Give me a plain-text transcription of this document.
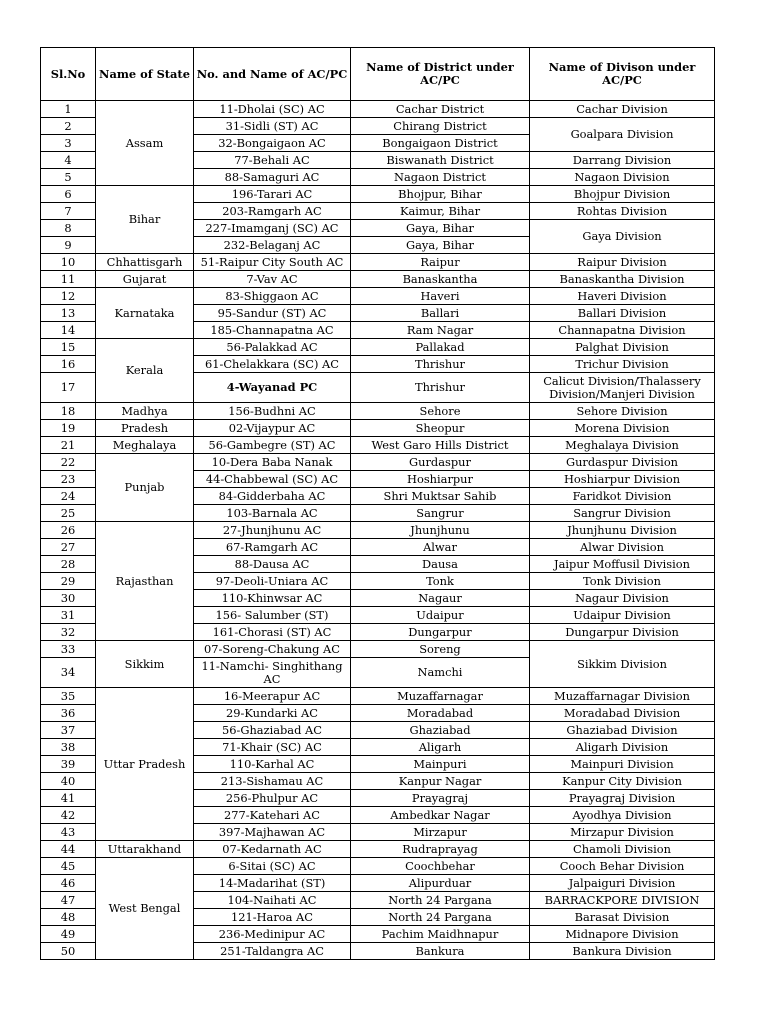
Sl.No	Name of State	No. and Name of AC/PC	Name of District under AC/PC	Name of Divison under AC/PC
1	Assam	11-Dholai (SC) AC	Cachar District	Cachar Division
2		31-Sidli (ST) AC	Chirang District	Goalpara Division
3		32-Bongaigaon AC	Bongaigaon District	
4		77-Behali AC	Biswanath District	Darrang Division
5		88-Samaguri AC	Nagaon District	Nagaon Division
6	Bihar	196-Tarari AC	Bhojpur, Bihar	Bhojpur Division
7		203-Ramgarh AC	Kaimur, Bihar	Rohtas Division
8		227-Imamganj (SC) AC	Gaya, Bihar	Gaya Division
9		232-Belaganj AC	Gaya, Bihar	
10	Chhattisgarh	51-Raipur City South AC	Raipur	Raipur Division
11	Gujarat	7-Vav AC	Banaskantha	Banaskantha Division
12	Karnataka	83-Shiggaon AC	Haveri	Haveri Division
13		95-Sandur (ST) AC	Ballari	Ballari Division
14		185-Channapatna AC	Ram Nagar	Channapatna Division
15	Kerala	56-Palakkad AC	Pallakad	Palghat Division
16		61-Chelakkara (SC) AC	Thrishur	Trichur Division
17		4-Wayanad PC	Thrishur	Calicut Division/Thalassery
Division/Manjeri Division
18	Madhya	156-Budhni AC	Sehore	Sehore Division
19	Pradesh	02-Vijaypur AC	Sheopur	Morena Division
21	Meghalaya	56-Gambegre (ST) AC	West Garo Hills District	Meghalaya Division
22	Punjab	10-Dera Baba Nanak	Gurdaspur	Gurdaspur Division
23		44-Chabbewal (SC) AC	Hoshiarpur	Hoshiarpur Division
24		84-Gidderbaha AC	Shri Muktsar Sahib	Faridkot Division
25		103-Barnala AC	Sangrur	Sangrur Division
26	Rajasthan	27-Jhunjhunu AC	Jhunjhunu	Jhunjhunu Division
27		67-Ramgarh AC	Alwar	Alwar Division
28		88-Dausa AC	Dausa	Jaipur Moffusil Division
29		97-Deoli-Uniara AC	Tonk	Tonk Division
30		110-Khinwsar AC	Nagaur	Nagaur Division
31		156- Salumber (ST)	Udaipur	Udaipur Division
32		161-Chorasi (ST) AC	Dungarpur	Dungarpur Division
33	Sikkim	07-Soreng-Chakung AC	Soreng	Sikkim Division
34		11-Namchi- Singhithang AC	Namchi	
35	Uttar Pradesh	16-Meerapur AC	Muzaffarnagar	Muzaffarnagar Division
36		29-Kundarki AC	Moradabad	Moradabad Division
37		56-Ghaziabad AC	Ghaziabad	Ghaziabad Division
38		71-Khair (SC) AC	Aligarh	Aligarh Division
39		110-Karhal AC	Mainpuri	Mainpuri Division
40		213-Sishamau AC	Kanpur Nagar	Kanpur City Division
41		256-Phulpur AC	Prayagraj	Prayagraj Division
42		277-Katehari AC	Ambedkar Nagar	Ayodhya Division
43		397-Majhawan AC	Mirzapur	Mirzapur Division
44	Uttarakhand	07-Kedarnath AC	Rudraprayag	Chamoli Division
45	West Bengal	6-Sitai (SC) AC	Coochbehar	Cooch Behar Division
46		14-Madarihat (ST)	Alipurduar	Jalpaiguri Division
47		104-Naihati AC	North 24 Pargana	BARRACKPORE DIVISION
48		121-Haroa AC	North 24 Pargana	Barasat Division
49		236-Medinipur AC	Pachim Maidhnapur	Midnapore Division
50		251-Taldangra AC	Bankura	Bankura Division
